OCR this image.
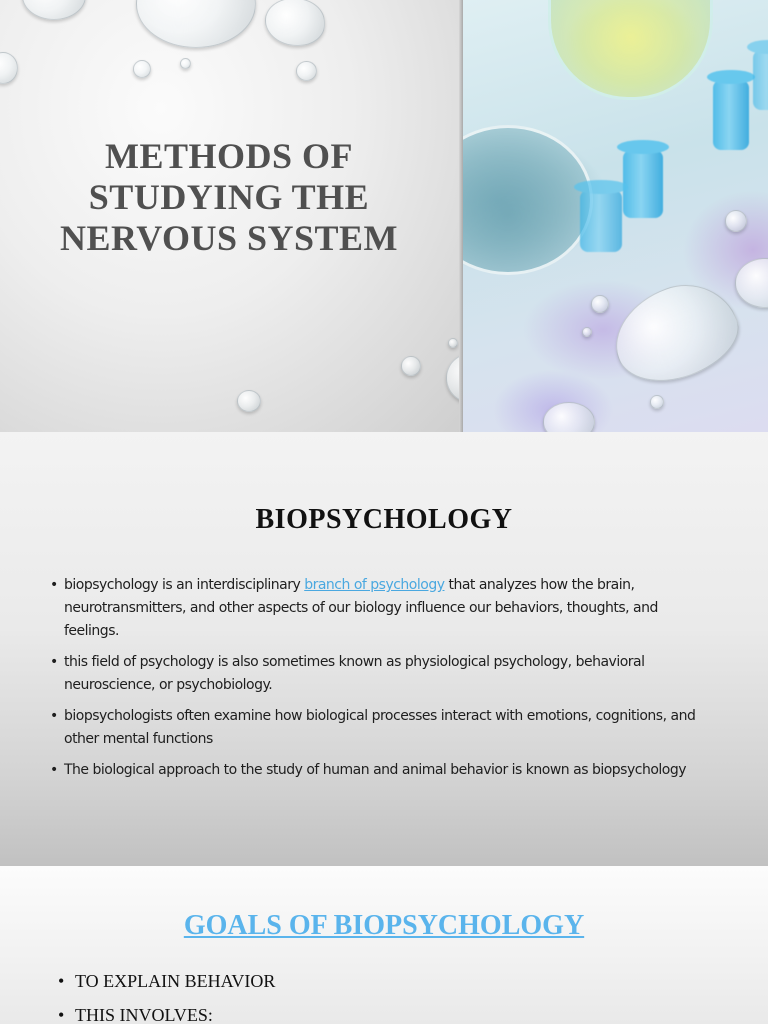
METHODS OF
STUDYING THE
NERVOUS SYSTEM
BIOPSYCHOLOGY
• biopsychology is an interdisciplinary branch of psychology that analyzes how the brain, neurotransmitters, and other aspects of our biology influence our behaviors, thoughts, and feelings.
• this field of psychology is also sometimes known as physiological psychology, behavioral neuroscience, or psychobiology.
• biopsychologists often examine how biological processes interact with emotions, cognitions, and other mental functions
• The biological approach to the study of human and animal behavior is known as biopsychology
GOALS OF BIOPSYCHOLOGY
• TO EXPLAIN BEHAVIOR
• THIS INVOLVES:
